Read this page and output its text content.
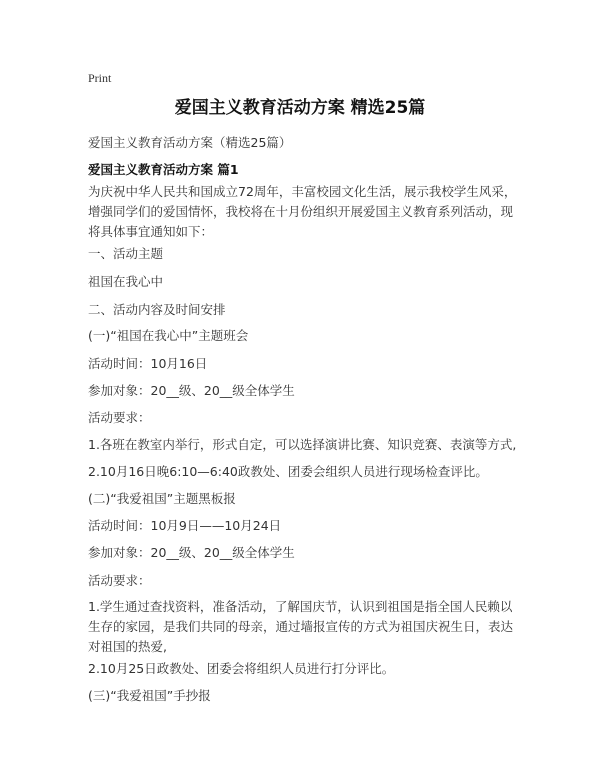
Print
爱国主义教育活动方案 精选25篇

爱国主义教育活动方案（精选25篇）

爱国主义教育活动方案 篇1

为庆祝中华人民共和国成立72周年，丰富校园文化生活，展示我校学生风采，增强同学们的爱国情怀，我校将在十月份组织开展爱国主义教育系列活动，现将具体事宜通知如下：

一、活动主题

祖国在我心中

二、活动内容及时间安排

(一)“祖国在我心中”主题班会

活动时间：10月16日

参加对象：20__级、20__级全体学生

活动要求：

1.各班在教室内举行，形式自定，可以选择演讲比赛、知识竞赛、表演等方式,

2.10月16日晚6:10—6:40政教处、团委会组织人员进行现场检查评比。

(二)“我爱祖国”主题黑板报

活动时间：10月9日——10月24日

参加对象：20__级、20__级全体学生

活动要求：

1.学生通过查找资料，准备活动，了解国庆节，认识到祖国是指全国人民赖以生存的家园，是我们共同的母亲，通过墙报宣传的方式为祖国庆祝生日，表达对祖国的热爱,

2.10月25日政教处、团委会将组织人员进行打分评比。

(三)“我爱祖国”手抄报
